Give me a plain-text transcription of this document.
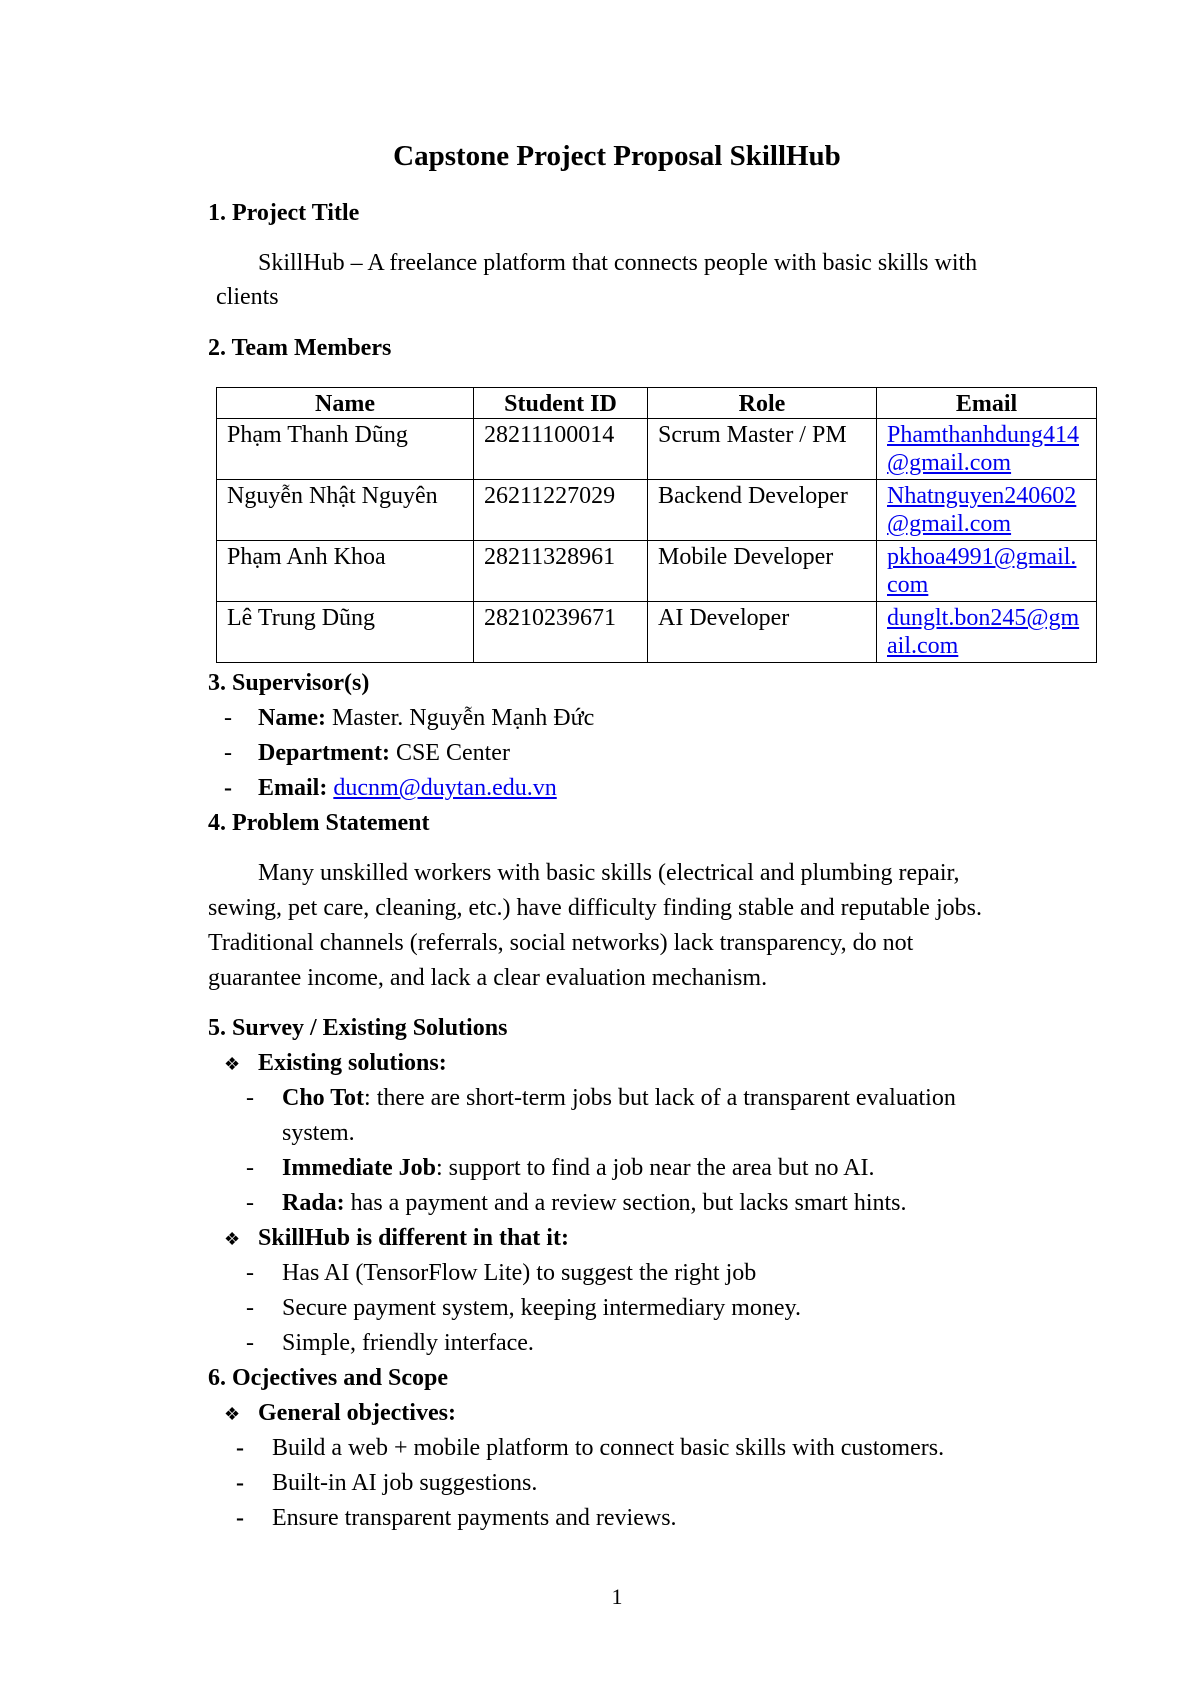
Capstone Project Proposal SkillHub
1. Project Title
SkillHub – A freelance platform that connects people with basic skills with
clients
2. Team Members
Name	Student ID	Role	Email
Phạm Thanh Dũng	28211100014	Scrum Master / PM	Phamthanhdung414@gmail.com
Nguyễn Nhật Nguyên	26211227029	Backend Developer	Nhatnguyen240602@gmail.com
Phạm Anh Khoa	28211328961	Mobile Developer	pkhoa4991@gmail.com
Lê Trung Dũng	28210239671	AI Developer	dunglt.bon245@gmail.com
3. Supervisor(s)
- Name: Master. Nguyễn Mạnh Đức
- Department: CSE Center
- Email: ducnm@duytan.edu.vn
4. Problem Statement
Many unskilled workers with basic skills (electrical and plumbing repair,
sewing, pet care, cleaning, etc.) have difficulty finding stable and reputable jobs.
Traditional channels (referrals, social networks) lack transparency, do not
guarantee income, and lack a clear evaluation mechanism.
5. Survey / Existing Solutions
❖ Existing solutions:
- Cho Tot: there are short-term jobs but lack of a transparent evaluation
system.
- Immediate Job: support to find a job near the area but no AI.
- Rada: has a payment and a review section, but lacks smart hints.
❖ SkillHub is different in that it:
- Has AI (TensorFlow Lite) to suggest the right job
- Secure payment system, keeping intermediary money.
- Simple, friendly interface.
6. Ocjectives and Scope
❖ General objectives:
- Build a web + mobile platform to connect basic skills with customers.
- Built-in AI job suggestions.
- Ensure transparent payments and reviews.
1
